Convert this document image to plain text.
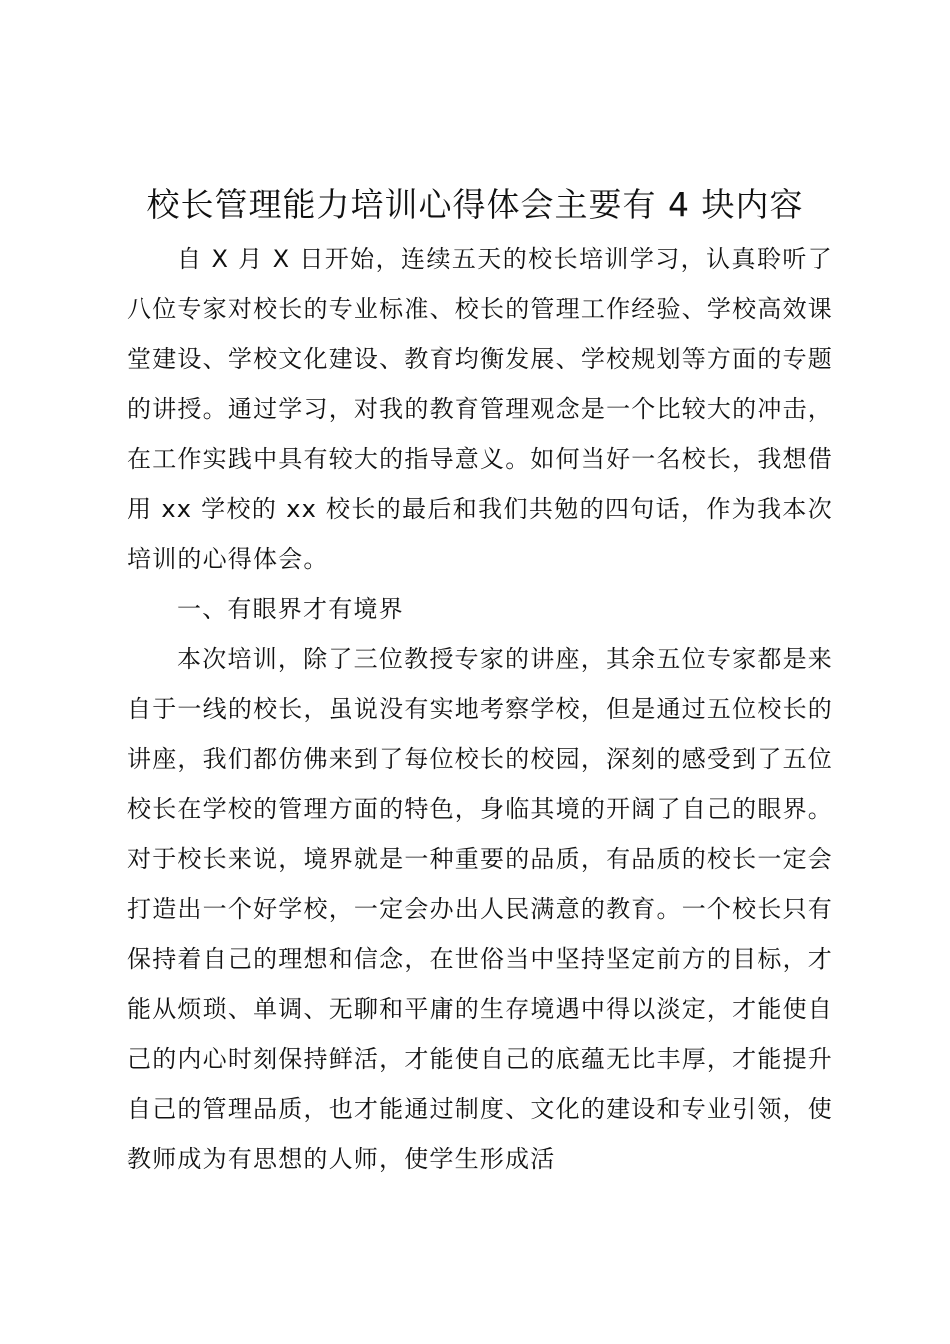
校长管理能力培训心得体会主要有 4 块内容

自 X 月 X 日开始，连续五天的校长培训学习，认真聆听了八位专家对校长的专业标准、校长的管理工作经验、学校高效课堂建设、学校文化建设、教育均衡发展、学校规划等方面的专题的讲授。通过学习，对我的教育管理观念是一个比较大的冲击，在工作实践中具有较大的指导意义。如何当好一名校长，我想借用 xx 学校的 xx 校长的最后和我们共勉的四句话，作为我本次培训的心得体会。

一、有眼界才有境界

本次培训，除了三位教授专家的讲座，其余五位专家都是来自于一线的校长，虽说没有实地考察学校，但是通过五位校长的讲座，我们都仿佛来到了每位校长的校园，深刻的感受到了五位校长在学校的管理方面的特色，身临其境的开阔了自己的眼界。对于校长来说，境界就是一种重要的品质，有品质的校长一定会打造出一个好学校，一定会办出人民满意的教育。一个校长只有保持着自己的理想和信念，在世俗当中坚持坚定前方的目标，才能从烦琐、单调、无聊和平庸的生存境遇中得以淡定，才能使自己的内心时刻保持鲜活，才能使自己的底蕴无比丰厚，才能提升自己的管理品质，也才能通过制度、文化的建设和专业引领，使教师成为有思想的人师，使学生形成活
